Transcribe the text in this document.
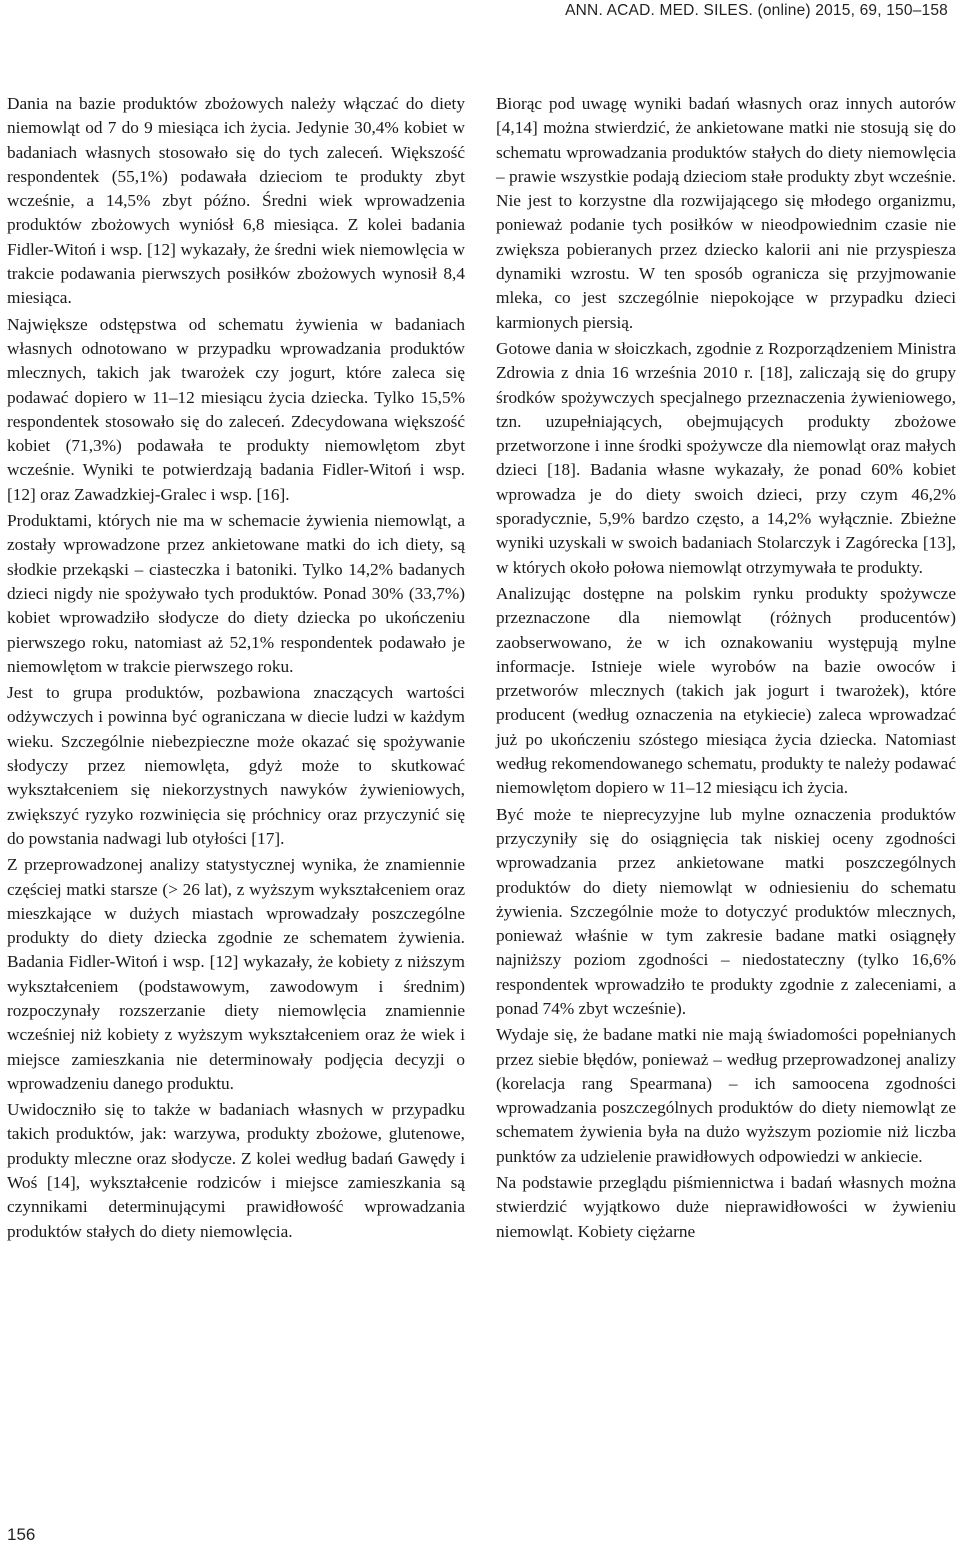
ANN. ACAD. MED. SILES. (online) 2015, 69, 150–158

Dania na bazie produktów zbożowych należy włączać do diety niemowląt od 7 do 9 miesiąca ich życia. Jedynie 30,4% kobiet w badaniach własnych stosowało się do tych zaleceń. Większość respondentek (55,1%) podawała dzieciom te produkty zbyt wcześnie, a 14,5% zbyt późno. Średni wiek wprowadzenia produktów zbożowych wyniósł 6,8 miesiąca. Z kolei badania Fidler-Witoń i wsp. [12] wykazały, że średni wiek niemowlęcia w trakcie podawania pierwszych posiłków zbożowych wynosił 8,4 miesiąca.

Największe odstępstwa od schematu żywienia w badaniach własnych odnotowano w przypadku wprowadzania produktów mlecznych, takich jak twarożek czy jogurt, które zaleca się podawać dopiero w 11–12 miesiącu życia dziecka. Tylko 15,5% respondentek stosowało się do zaleceń. Zdecydowana większość kobiet (71,3%) podawała te produkty niemowlętom zbyt wcześnie. Wyniki te potwierdzają badania Fidler-Witoń i wsp. [12] oraz Zawadzkiej-Gralec i wsp. [16].

Produktami, których nie ma w schemacie żywienia niemowląt, a zostały wprowadzone przez ankietowane matki do ich diety, są słodkie przekąski – ciasteczka i batoniki. Tylko 14,2% badanych dzieci nigdy nie spożywało tych produktów. Ponad 30% (33,7%) kobiet wprowadziło słodycze do diety dziecka po ukończeniu pierwszego roku, natomiast aż 52,1% respondentek podawało je niemowlętom w trakcie pierwszego roku.

Jest to grupa produktów, pozbawiona znaczących wartości odżywczych i powinna być ograniczana w diecie ludzi w każdym wieku. Szczególnie niebezpieczne może okazać się spożywanie słodyczy przez niemowlęta, gdyż może to skutkować wykształceniem się niekorzystnych nawyków żywieniowych, zwiększyć ryzyko rozwinięcia się próchnicy oraz przyczynić się do powstania nadwagi lub otyłości [17].

Z przeprowadzonej analizy statystycznej wynika, że znamiennie częściej matki starsze (> 26 lat), z wyższym wykształceniem oraz mieszkające w dużych miastach wprowadzały poszczególne produkty do diety dziecka zgodnie ze schematem żywienia. Badania Fidler-Witoń i wsp. [12] wykazały, że kobiety z niższym wykształceniem (podstawowym, zawodowym i średnim) rozpoczynały rozszerzanie diety niemowlęcia znamiennie wcześniej niż kobiety z wyższym wykształceniem oraz że wiek i miejsce zamieszkania nie determinowały podjęcia decyzji o wprowadzeniu danego produktu.

Uwidoczniło się to także w badaniach własnych w przypadku takich produktów, jak: warzywa, produkty zbożowe, glutenowe, produkty mleczne oraz słodycze. Z kolei według badań Gawędy i Woś [14], wykształcenie rodziców i miejsce zamieszkania są czynnikami determinującymi prawidłowość wprowadzania produktów stałych do diety niemowlęcia.

Biorąc pod uwagę wyniki badań własnych oraz innych autorów [4,14] można stwierdzić, że ankietowane matki nie stosują się do schematu wprowadzania produktów stałych do diety niemowlęcia – prawie wszystkie podają dzieciom stałe produkty zbyt wcześnie. Nie jest to korzystne dla rozwijającego się młodego organizmu, ponieważ podanie tych posiłków w nieodpowiednim czasie nie zwiększa pobieranych przez dziecko kalorii ani nie przyspiesza dynamiki wzrostu. W ten sposób ogranicza się przyjmowanie mleka, co jest szczególnie niepokojące w przypadku dzieci karmionych piersią.

Gotowe dania w słoiczkach, zgodnie z Rozporządzeniem Ministra Zdrowia z dnia 16 września 2010 r. [18], zaliczają się do grupy środków spożywczych specjalnego przeznaczenia żywieniowego, tzn. uzupełniających, obejmujących produkty zbożowe przetworzone i inne środki spożywcze dla niemowląt oraz małych dzieci [18]. Badania własne wykazały, że ponad 60% kobiet wprowadza je do diety swoich dzieci, przy czym 46,2% sporadycznie, 5,9% bardzo często, a 14,2% wyłącznie. Zbieżne wyniki uzyskali w swoich badaniach Stolarczyk i Zagórecka [13], w których około połowa niemowląt otrzymywała te produkty.

Analizując dostępne na polskim rynku produkty spożywcze przeznaczone dla niemowląt (różnych producentów) zaobserwowano, że w ich oznakowaniu występują mylne informacje. Istnieje wiele wyrobów na bazie owoców i przetworów mlecznych (takich jak jogurt i twarożek), które producent (według oznaczenia na etykiecie) zaleca wprowadzać już po ukończeniu szóstego miesiąca życia dziecka. Natomiast według rekomendowanego schematu, produkty te należy podawać niemowlętom dopiero w 11–12 miesiącu ich życia.

Być może te nieprecyzyjne lub mylne oznaczenia produktów przyczyniły się do osiągnięcia tak niskiej oceny zgodności wprowadzania przez ankietowane matki poszczególnych produktów do diety niemowląt w odniesieniu do schematu żywienia. Szczególnie może to dotyczyć produktów mlecznych, ponieważ właśnie w tym zakresie badane matki osiągnęły najniższy poziom zgodności – niedostateczny (tylko 16,6% respondentek wprowadziło te produkty zgodnie z zaleceniami, a ponad 74% zbyt wcześnie).

Wydaje się, że badane matki nie mają świadomości popełnianych przez siebie błędów, ponieważ – według przeprowadzonej analizy (korelacja rang Spearmana) – ich samoocena zgodności wprowadzania poszczególnych produktów do diety niemowląt ze schematem żywienia była na dużo wyższym poziomie niż liczba punktów za udzielenie prawidłowych odpowiedzi w ankiecie.

Na podstawie przeglądu piśmiennictwa i badań własnych można stwierdzić wyjątkowo duże nieprawidłowości w żywieniu niemowląt. Kobiety ciężarne

156
